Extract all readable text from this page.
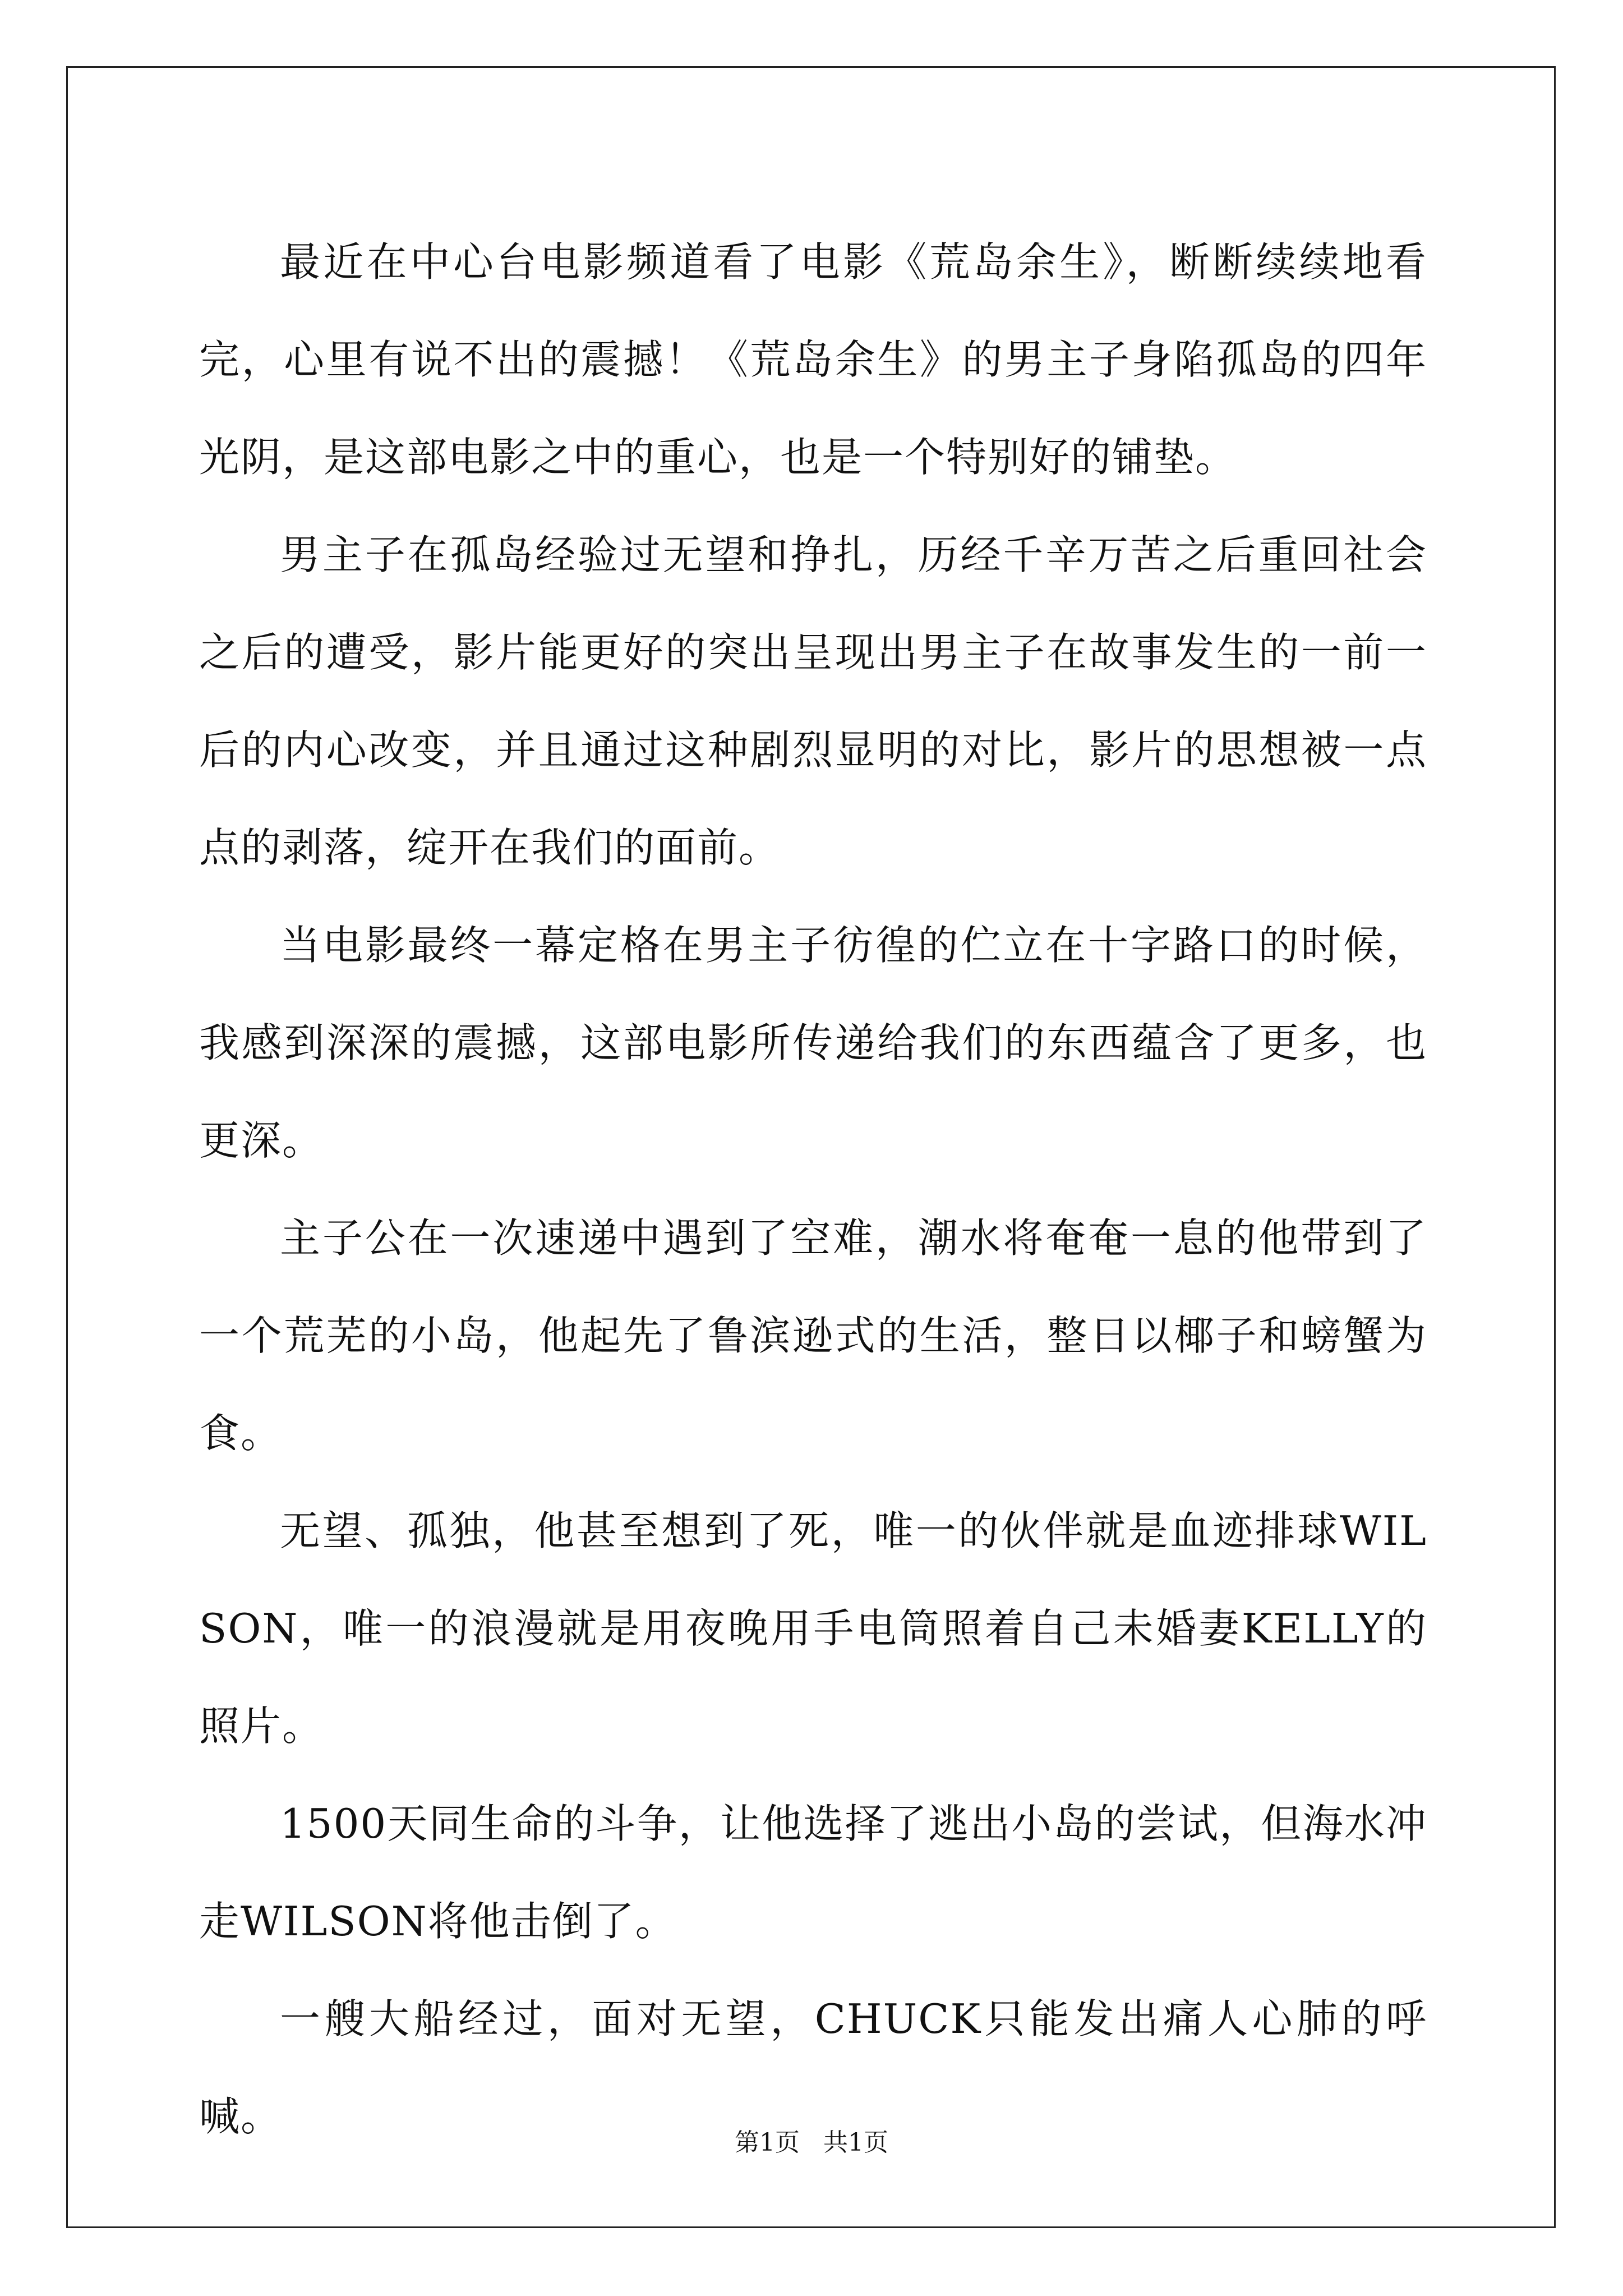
最近在中心台电影频道看了电影《荒岛余生》，断断续续地看完，心里有说不出的震撼！《荒岛余生》的男主子身陷孤岛的四年光阴，是这部电影之中的重心，也是一个特别好的铺垫。

男主子在孤岛经验过无望和挣扎，历经千辛万苦之后重回社会之后的遭受，影片能更好的突出呈现出男主子在故事发生的一前一后的内心改变，并且通过这种剧烈显明的对比，影片的思想被一点点的剥落，绽开在我们的面前。

当电影最终一幕定格在男主子彷徨的伫立在十字路口的时候，我感到深深的震撼，这部电影所传递给我们的东西蕴含了更多，也更深。

主子公在一次速递中遇到了空难，潮水将奄奄一息的他带到了一个荒芜的小岛，他起先了鲁滨逊式的生活，整日以椰子和螃蟹为食。

无望、孤独，他甚至想到了死，唯一的伙伴就是血迹排球WILSON，唯一的浪漫就是用夜晚用手电筒照着自己未婚妻KELLY的照片。

1500天同生命的斗争，让他选择了逃出小岛的尝试，但海水冲走WILSON将他击倒了。

一艘大船经过，面对无望，CHUCK只能发出痛人心肺的呼喊。

第1页 共1页
